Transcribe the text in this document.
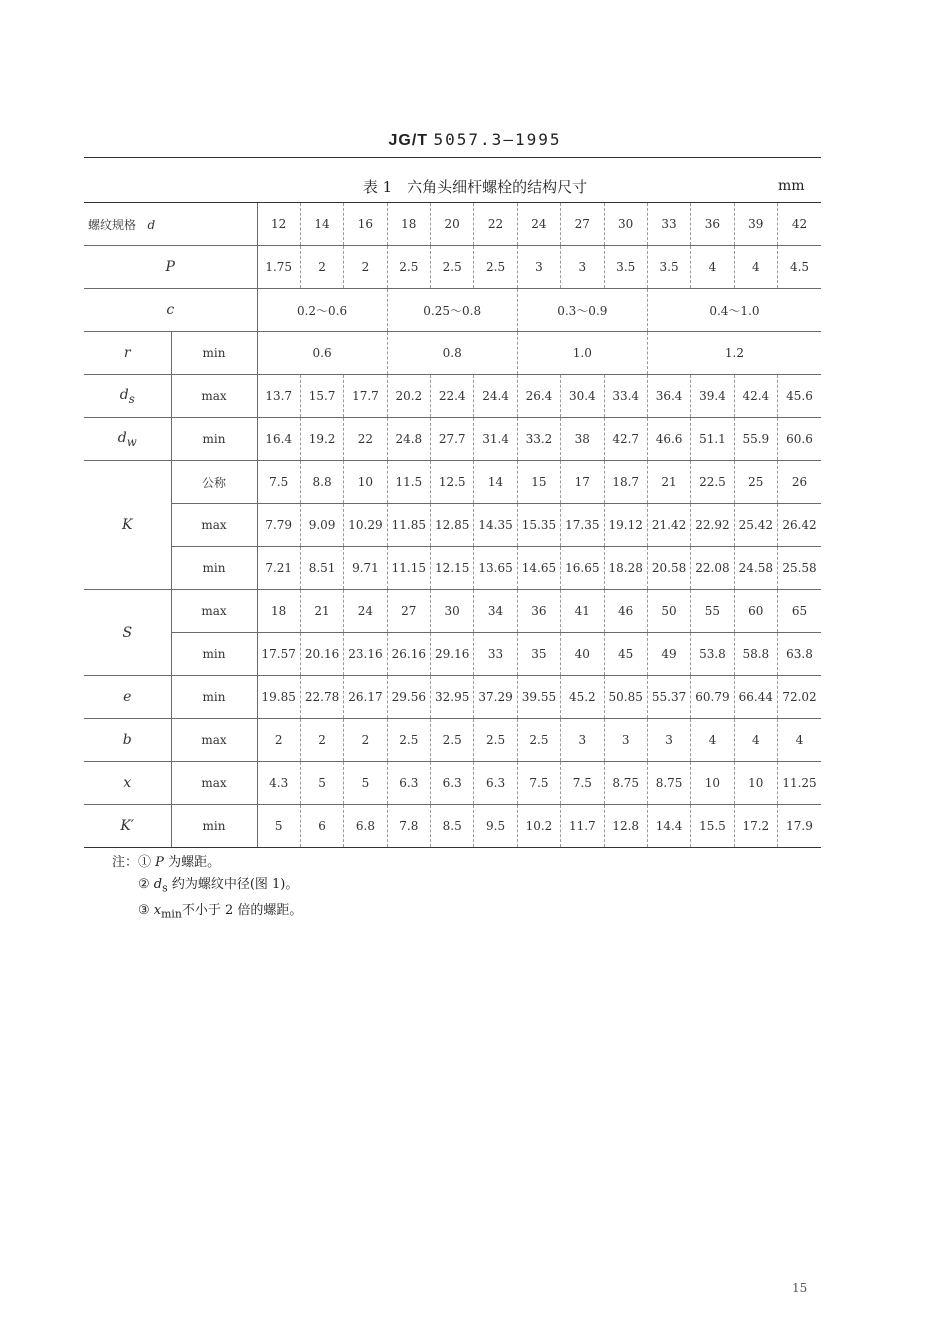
JG/T 5057.3—1995
表 1　六角头细杆螺栓的结构尺寸	mm
螺纹规格 d		12	14	16	18	20	22	24	27	30	33	36	39	42
P		1.75	2	2	2.5	2.5	2.5	3	3	3.5	3.5	4	4	4.5
c		0.2～0.6			0.25～0.8			0.3～0.9			0.4～1.0			
r	min	0.6			0.8			1.0			1.2			
$d_s$	max	13.7	15.7	17.7	20.2	22.4	24.4	26.4	30.4	33.4	36.4	39.4	42.4	45.6
$d_w$	min	16.4	19.2	22	24.8	27.7	31.4	33.2	38	42.7	46.6	51.1	55.9	60.6
K	公称	7.5	8.8	10	11.5	12.5	14	15	17	18.7	21	22.5	25	26
	max	7.79	9.09	10.29	11.85	12.85	14.35	15.35	17.35	19.12	21.42	22.92	25.42	26.42
	min	7.21	8.51	9.71	11.15	12.15	13.65	14.65	16.65	18.28	20.58	22.08	24.58	25.58
S	max	18	21	24	27	30	34	36	41	46	50	55	60	65
	min	17.57	20.16	23.16	26.16	29.16	33	35	40	45	49	53.8	58.8	63.8
e	min	19.85	22.78	26.17	29.56	32.95	37.29	39.55	45.2	50.85	55.37	60.79	66.44	72.02
b	max	2	2	2	2.5	2.5	2.5	2.5	3	3	3	4	4	4
x	max	4.3	5	5	6.3	6.3	6.3	7.5	7.5	8.75	8.75	10	10	11.25
K′	min	5	6	6.8	7.8	8.5	9.5	10.2	11.7	12.8	14.4	15.5	17.2	17.9
注：① P 为螺距。
② $d_s$ 约为螺纹中径(图 1)。
③ $x_{min}$不小于 2 倍的螺距。
15
